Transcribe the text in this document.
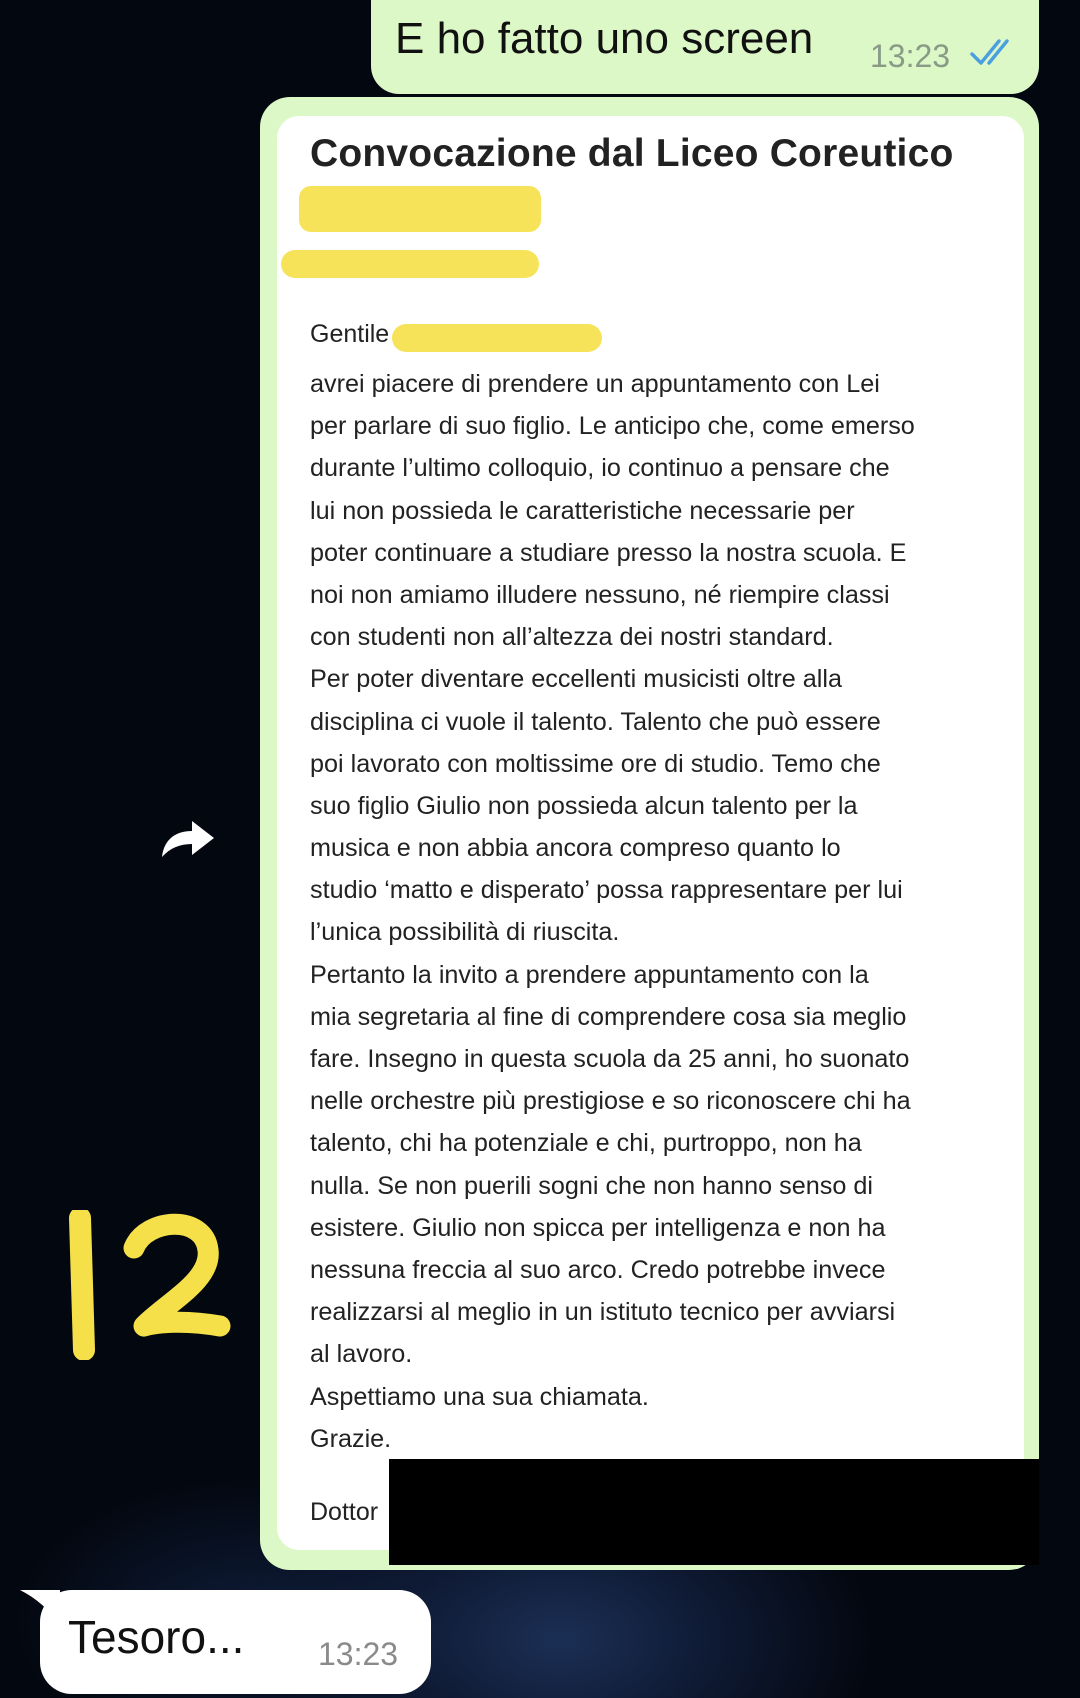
E ho fatto uno screen 13:23
Convocazione dal Liceo Coreutico
Gentile
avrei piacere di prendere un appuntamento con Lei
per parlare di suo figlio. Le anticipo che, come emerso
durante l’ultimo colloquio, io continuo a pensare che
lui non possieda le caratteristiche necessarie per
poter continuare a studiare presso la nostra scuola. E
noi non amiamo illudere nessuno, né riempire classi
con studenti non all’altezza dei nostri standard.
Per poter diventare eccellenti musicisti oltre alla
disciplina ci vuole il talento. Talento che può essere
poi lavorato con moltissime ore di studio. Temo che
suo figlio Giulio non possieda alcun talento per la
musica e non abbia ancora compreso quanto lo
studio ‘matto e disperato’ possa rappresentare per lui
l’unica possibilità di riuscita.
Pertanto la invito a prendere appuntamento con la
mia segretaria al fine di comprendere cosa sia meglio
fare. Insegno in questa scuola da 25 anni, ho suonato
nelle orchestre più prestigiose e so riconoscere chi ha
talento, chi ha potenziale e chi, purtroppo, non ha
nulla. Se non puerili sogni che non hanno senso di
esistere. Giulio non spicca per intelligenza e non ha
nessuna freccia al suo arco. Credo potrebbe invece
realizzarsi al meglio in un istituto tecnico per avviarsi
al lavoro.
Aspettiamo una sua chiamata.
Grazie.
Dottor
Tesoro... 13:23
